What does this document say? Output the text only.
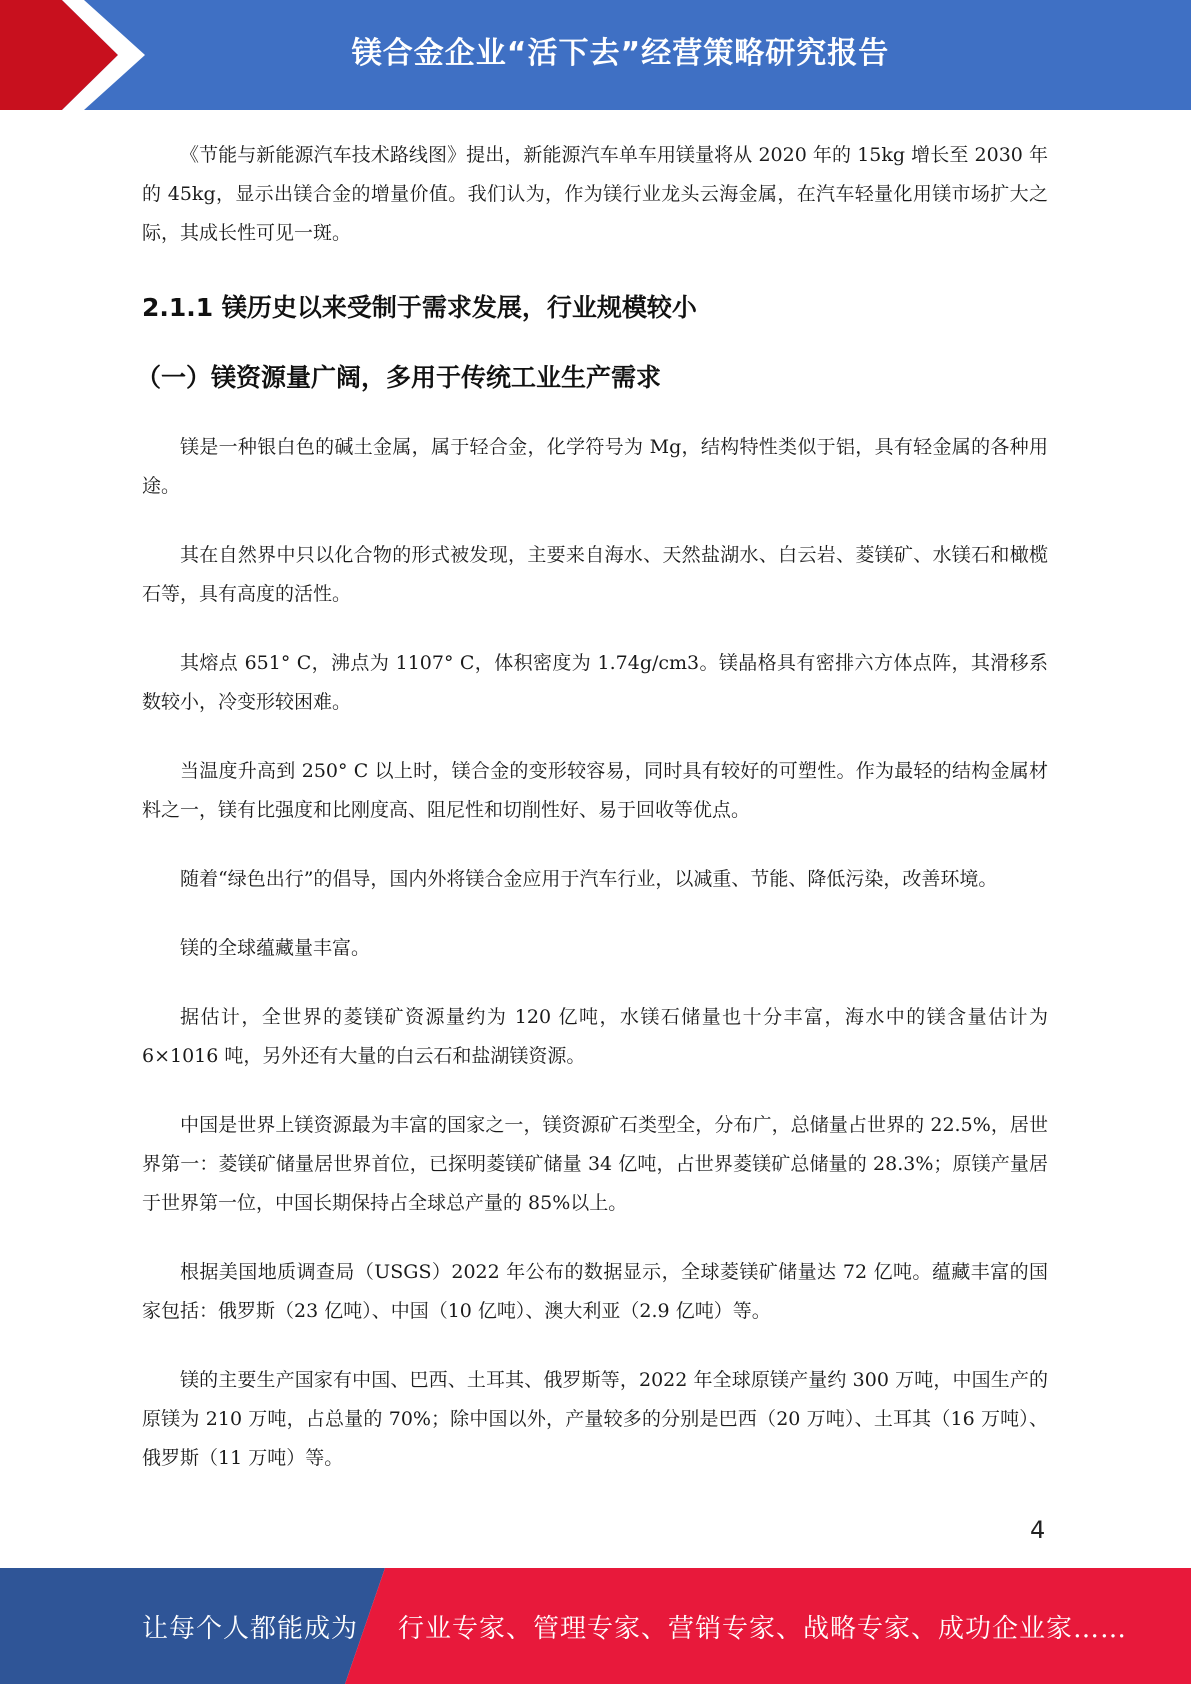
镁合金企业“活下去”经营策略研究报告

《节能与新能源汽车技术路线图》提出，新能源汽车单车用镁量将从 2020 年的 15kg 增长至 2030 年的 45kg，显示出镁合金的增量价值。我们认为，作为镁行业龙头云海金属，在汽车轻量化用镁市场扩大之际，其成长性可见一斑。

2.1.1 镁历史以来受制于需求发展，行业规模较小
（一）镁资源量广阔，多用于传统工业生产需求

镁是一种银白色的碱土金属，属于轻合金，化学符号为 Mg，结构特性类似于铝，具有轻金属的各种用途。

其在自然界中只以化合物的形式被发现，主要来自海水、天然盐湖水、白云岩、菱镁矿、水镁石和橄榄石等，具有高度的活性。

其熔点 651° C，沸点为 1107° C，体积密度为 1.74g/cm3。镁晶格具有密排六方体点阵，其滑移系数较小，冷变形较困难。

当温度升高到 250° C 以上时，镁合金的变形较容易，同时具有较好的可塑性。作为最轻的结构金属材料之一，镁有比强度和比刚度高、阻尼性和切削性好、易于回收等优点。

随着“绿色出行”的倡导，国内外将镁合金应用于汽车行业，以减重、节能、降低污染，改善环境。

镁的全球蕴藏量丰富。

据估计，全世界的菱镁矿资源量约为 120 亿吨，水镁石储量也十分丰富，海水中的镁含量估计为 6×1016 吨，另外还有大量的白云石和盐湖镁资源。

中国是世界上镁资源最为丰富的国家之一，镁资源矿石类型全，分布广，总储量占世界的 22.5%，居世界第一：菱镁矿储量居世界首位，已探明菱镁矿储量 34 亿吨，占世界菱镁矿总储量的 28.3%；原镁产量居于世界第一位，中国长期保持占全球总产量的 85%以上。

根据美国地质调查局（USGS）2022 年公布的数据显示，全球菱镁矿储量达 72 亿吨。蕴藏丰富的国家包括：俄罗斯（23 亿吨）、中国（10 亿吨）、澳大利亚（2.9 亿吨）等。

镁的主要生产国家有中国、巴西、土耳其、俄罗斯等，2022 年全球原镁产量约 300 万吨，中国生产的原镁为 210 万吨，占总量的 70%；除中国以外，产量较多的分别是巴西（20 万吨）、土耳其（16 万吨）、俄罗斯（11 万吨）等。

4
让每个人都能成为 行业专家、管理专家、营销专家、战略专家、成功企业家……
